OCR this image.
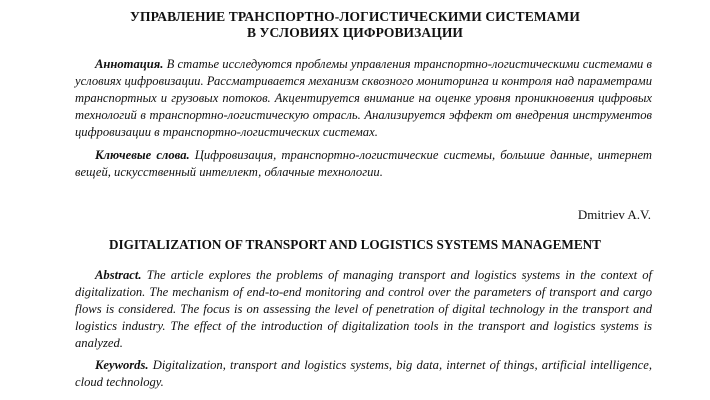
УПРАВЛЕНИЕ ТРАНСПОРТНО-ЛОГИСТИЧЕСКИМИ СИСТЕМАМИ
В УСЛОВИЯХ ЦИФРОВИЗАЦИИ
Аннотация. В статье исследуются проблемы управления транспортно-логистическими системами в условиях цифровизации. Рассматривается механизм сквозного мониторинга и контроля над параметрами транспортных и грузовых потоков. Акцентируется внимание на оценке уровня проникновения цифровых технологий в транспортно-логистическую отрасль. Анализируется эффект от внедрения инструментов цифровизации в транспортно-логистических системах.
Ключевые слова. Цифровизация, транспортно-логистические системы, большие данные, интернет вещей, искусственный интеллект, облачные технологии.
Dmitriev A.V.
DIGITALIZATION OF TRANSPORT AND LOGISTICS SYSTEMS MANAGEMENT
Abstract. The article explores the problems of managing transport and logistics systems in the context of digitalization. The mechanism of end-to-end monitoring and control over the parameters of transport and cargo flows is considered. The focus is on assessing the level of penetration of digital technology in the transport and logistics industry. The effect of the introduction of digitalization tools in the transport and logistics systems is analyzed.
Keywords. Digitalization, transport and logistics systems, big data, internet of things, artificial intelligence, cloud technology.
